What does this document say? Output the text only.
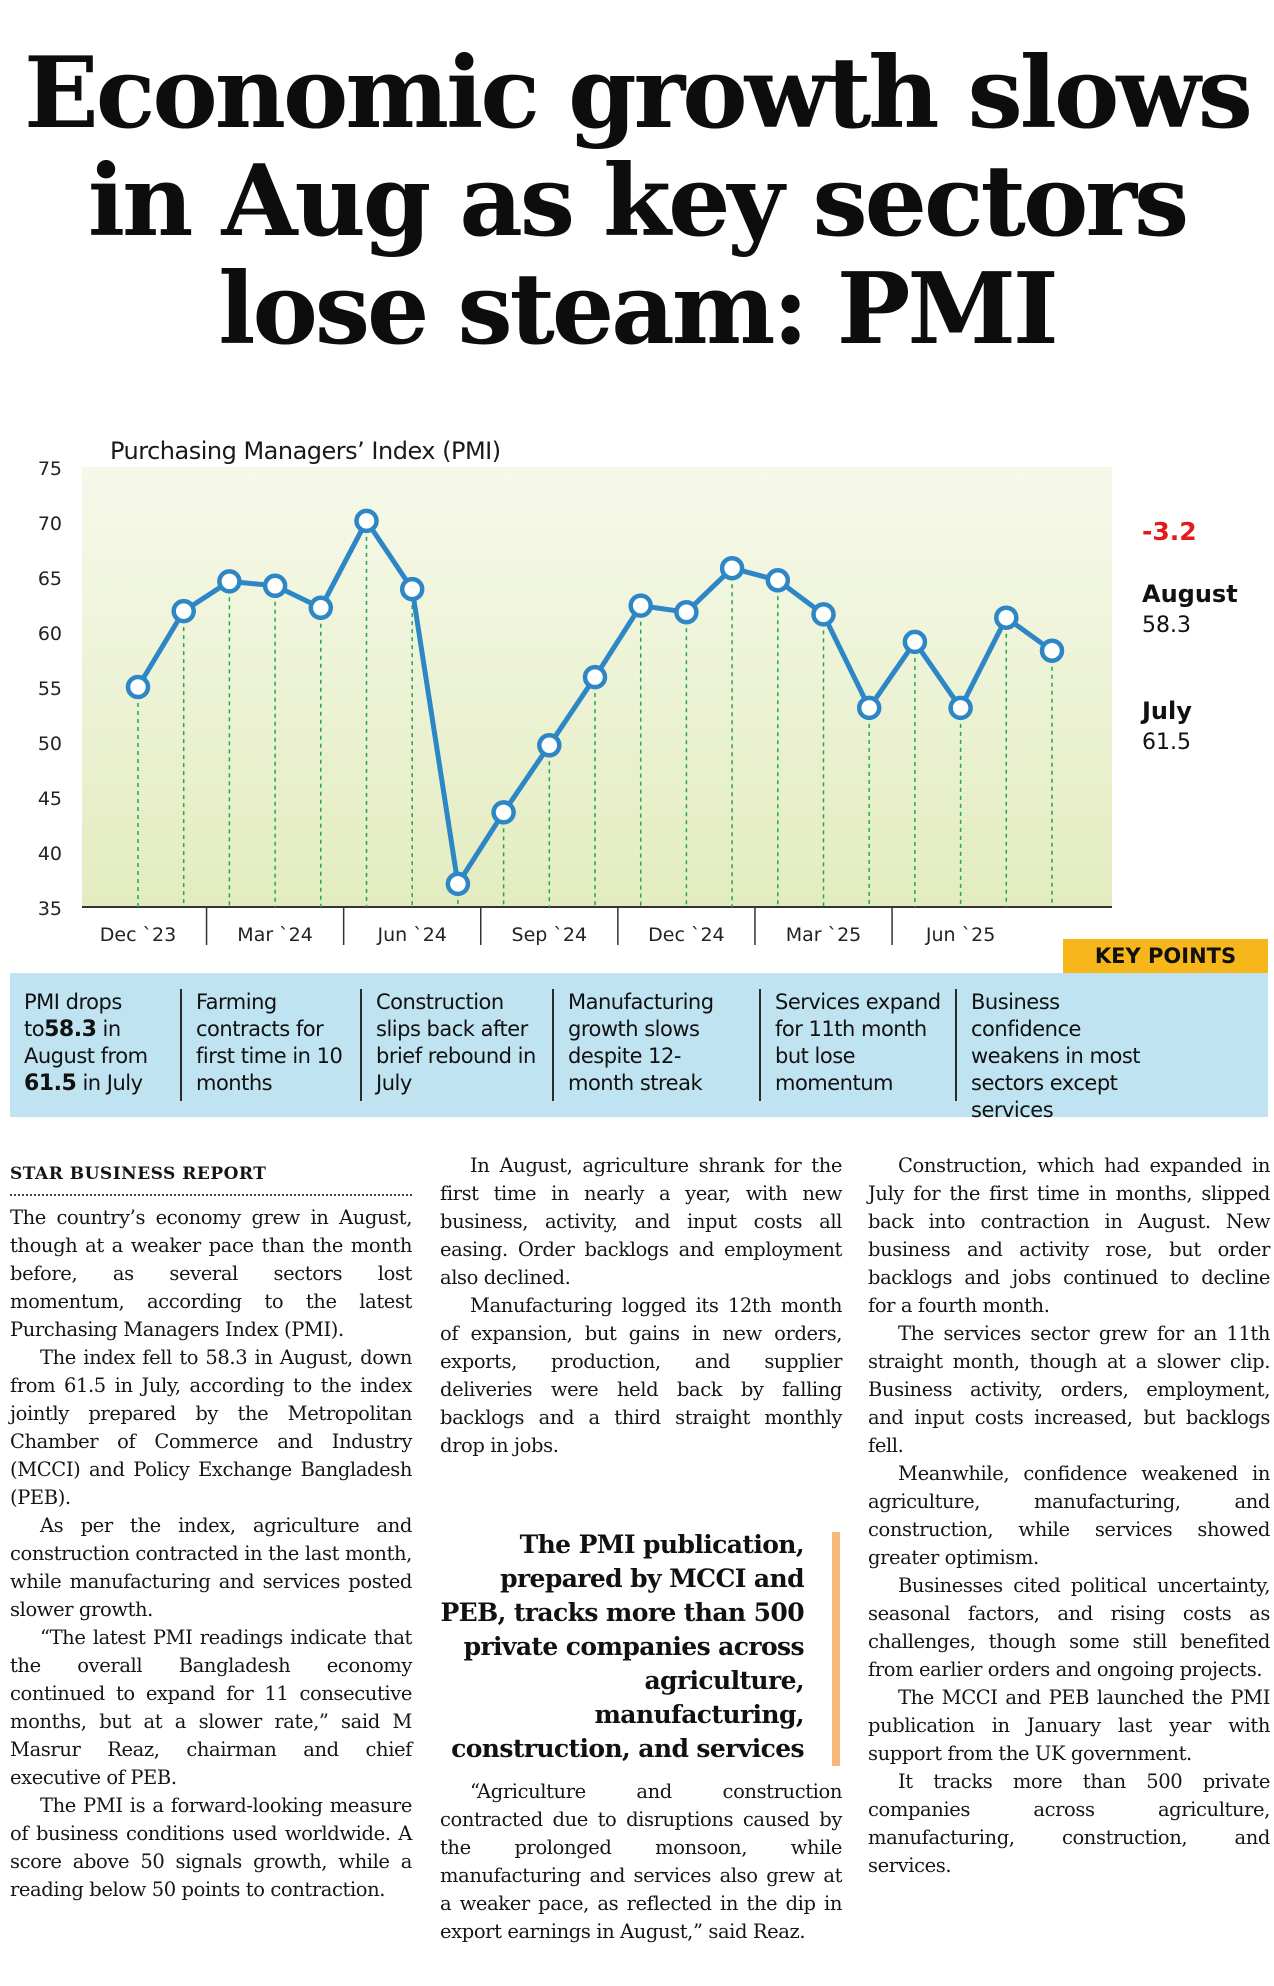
Economic growth slows
in Aug as key sectors
lose steam: PMI
75
70
65
60
55
50
45
40
35
Dec `23	Mar `24	Jun `24	Sep `24	Dec `24	Mar `25	Jun `25
Purchasing Managers’ Index (PMI)
-3.2
August
58.3
July
61.5
KEY POINTS
PMI drops to58.3 in August from 61.5 in July
Farming contracts for first time in 10 months
Construction slips back after brief rebound in July
Manufacturing growth slows despite 12-month streak
Services expand for 11th month but lose momentum
Business confidence weakens in most sectors except services

STAR BUSINESS REPORT

The country’s economy grew in August, though at a weaker pace than the month before, as several sectors lost momentum, according to the latest Purchasing Managers Index (PMI).

The index fell to 58.3 in August, down from 61.5 in July, according to the index jointly prepared by the Metropolitan Chamber of Commerce and Industry (MCCI) and Policy Exchange Bangladesh (PEB).

As per the index, agriculture and construction contracted in the last month, while manufacturing and services posted slower growth.

“The latest PMI readings indicate that the overall Bangladesh economy continued to expand for 11 consecutive months, but at a slower rate,” said M Masrur Reaz, chairman and chief executive of PEB.

The PMI is a forward-looking measure of business conditions used worldwide. A score above 50 signals growth, while a reading below 50 points to contraction.

In August, agriculture shrank for the first time in nearly a year, with new business, activity, and input costs all easing. Order backlogs and employment also declined.

Manufacturing logged its 12th month of expansion, but gains in new orders, exports, production, and supplier deliveries were held back by falling backlogs and a third straight monthly drop in jobs.

The PMI publication, prepared by MCCI and PEB, tracks more than 500 private companies across agriculture, manufacturing, construction, and services

“Agriculture and construction contracted due to disruptions caused by the prolonged monsoon, while manufacturing and services also grew at a weaker pace, as reflected in the dip in export earnings in August,” said Reaz.

Construction, which had expanded in July for the first time in months, slipped back into contraction in August. New business and activity rose, but order backlogs and jobs continued to decline for a fourth month.

The services sector grew for an 11th straight month, though at a slower clip. Business activity, orders, employment, and input costs increased, but backlogs fell.

Meanwhile, confidence weakened in agriculture, manufacturing, and construction, while services showed greater optimism.

Businesses cited political uncertainty, seasonal factors, and rising costs as challenges, though some still benefited from earlier orders and ongoing projects.

The MCCI and PEB launched the PMI publication in January last year with support from the UK government.

It tracks more than 500 private companies across agriculture, manufacturing, construction, and services.
